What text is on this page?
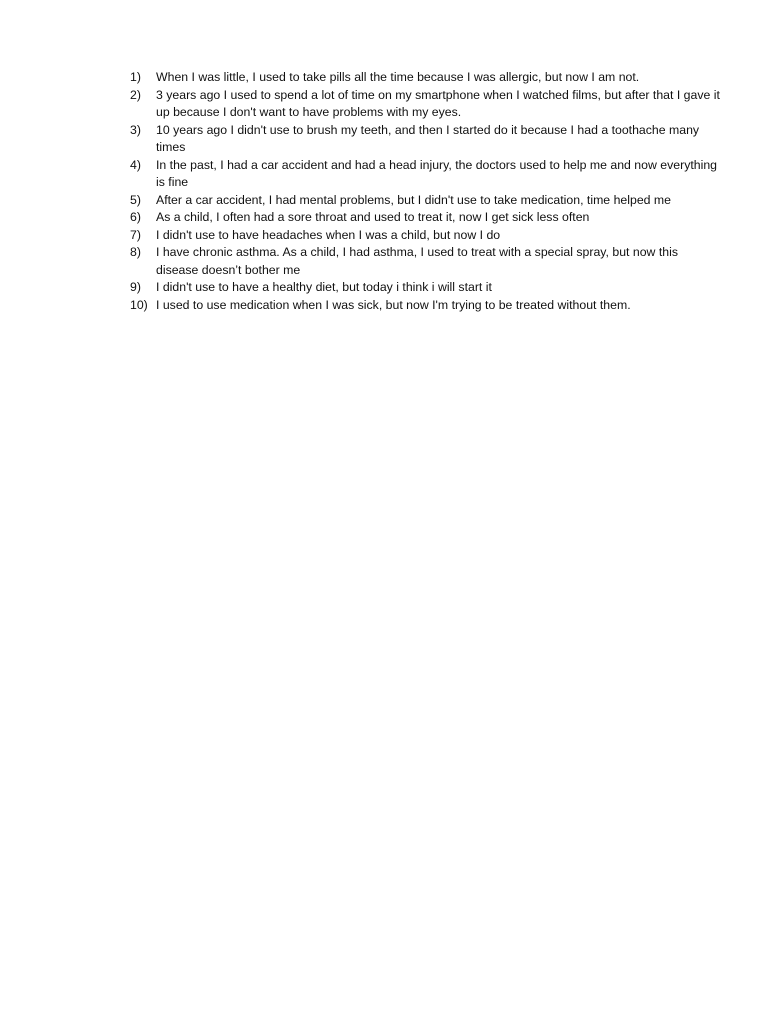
1)	When I was little, I used to take pills all the time because I was allergic, but now I am not.
2)	3 years ago I used to spend a lot of time on my smartphone when I watched films, but after that I gave it up because I don't want to have problems with my eyes.
3)	10 years ago I didn't use to brush my teeth, and then I started do it because I had a toothache many times
4)	In the past, I had a car accident and had a head injury, the doctors used to help me and now everything is fine
5)	After a car accident, I had mental problems, but I didn't use to take medication, time helped me
6)	As a child, I often had a sore throat and used to treat it, now I get sick less often
7)	I didn't use to have headaches when I was a child, but now I do
8)	I have chronic asthma. As a child, I had asthma, I used to treat with a special spray, but now this disease doesn’t bother me
9)	I didn't use to have a healthy diet, but today i think i will start it
10) I used to use medication when I was sick, but now I'm trying to be treated without them.
